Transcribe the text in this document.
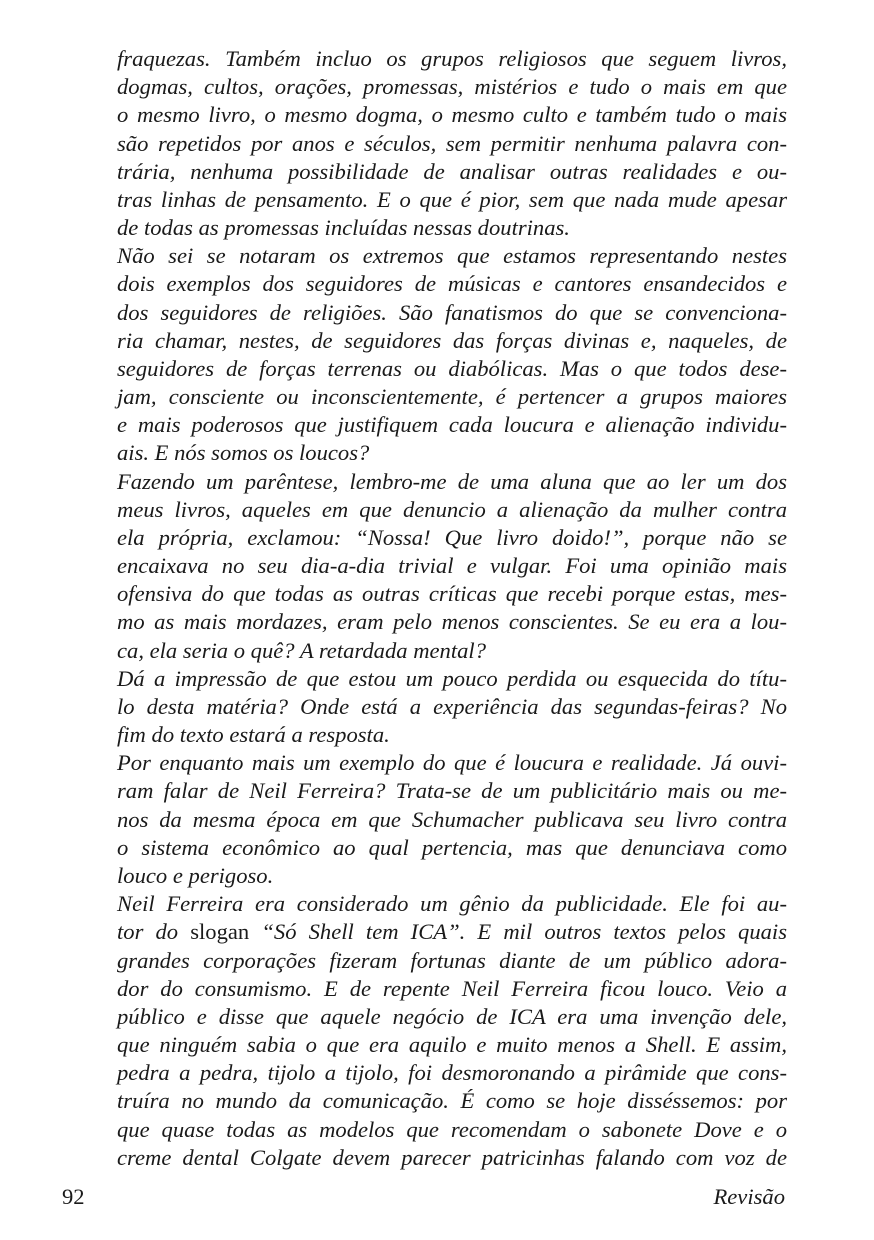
fraquezas. Também incluo os grupos religiosos que seguem livros,
dogmas, cultos, orações, promessas, mistérios e tudo o mais em que
o mesmo livro, o mesmo dogma, o mesmo culto e também tudo o mais
são repetidos por anos e séculos, sem permitir nenhuma palavra con-
trária, nenhuma possibilidade de analisar outras realidades e ou-
tras linhas de pensamento. E o que é pior, sem que nada mude apesar
de todas as promessas incluídas nessas doutrinas.
Não sei se notaram os extremos que estamos representando nestes
dois exemplos dos seguidores de músicas e cantores ensandecidos e
dos seguidores de religiões. São fanatismos do que se convenciona-
ria chamar, nestes, de seguidores das forças divinas e, naqueles, de
seguidores de forças terrenas ou diabólicas. Mas o que todos dese-
jam, consciente ou inconscientemente, é pertencer a grupos maiores
e mais poderosos que justifiquem cada loucura e alienação individu-
ais. E nós somos os loucos?
Fazendo um parêntese, lembro-me de uma aluna que ao ler um dos
meus livros, aqueles em que denuncio a alienação da mulher contra
ela própria, exclamou: “Nossa! Que livro doido!”, porque não se
encaixava no seu dia-a-dia trivial e vulgar. Foi uma opinião mais
ofensiva do que todas as outras críticas que recebi porque estas, mes-
mo as mais mordazes, eram pelo menos conscientes. Se eu era a lou-
ca, ela seria o quê? A retardada mental?
Dá a impressão de que estou um pouco perdida ou esquecida do títu-
lo desta matéria? Onde está a experiência das segundas-feiras? No
fim do texto estará a resposta.
Por enquanto mais um exemplo do que é loucura e realidade. Já ouvi-
ram falar de Neil Ferreira? Trata-se de um publicitário mais ou me-
nos da mesma época em que Schumacher publicava seu livro contra
o sistema econômico ao qual pertencia, mas que denunciava como
louco e perigoso.
Neil Ferreira era considerado um gênio da publicidade. Ele foi au-
tor do slogan “Só Shell tem ICA”. E mil outros textos pelos quais
grandes corporações fizeram fortunas diante de um público adora-
dor do consumismo. E de repente Neil Ferreira ficou louco. Veio a
público e disse que aquele negócio de ICA era uma invenção dele,
que ninguém sabia o que era aquilo e muito menos a Shell. E assim,
pedra a pedra, tijolo a tijolo, foi desmoronando a pirâmide que cons-
truíra no mundo da comunicação. É como se hoje disséssemos: por
que quase todas as modelos que recomendam o sabonete Dove e o
creme dental Colgate devem parecer patricinhas falando com voz de
92	Revisão
